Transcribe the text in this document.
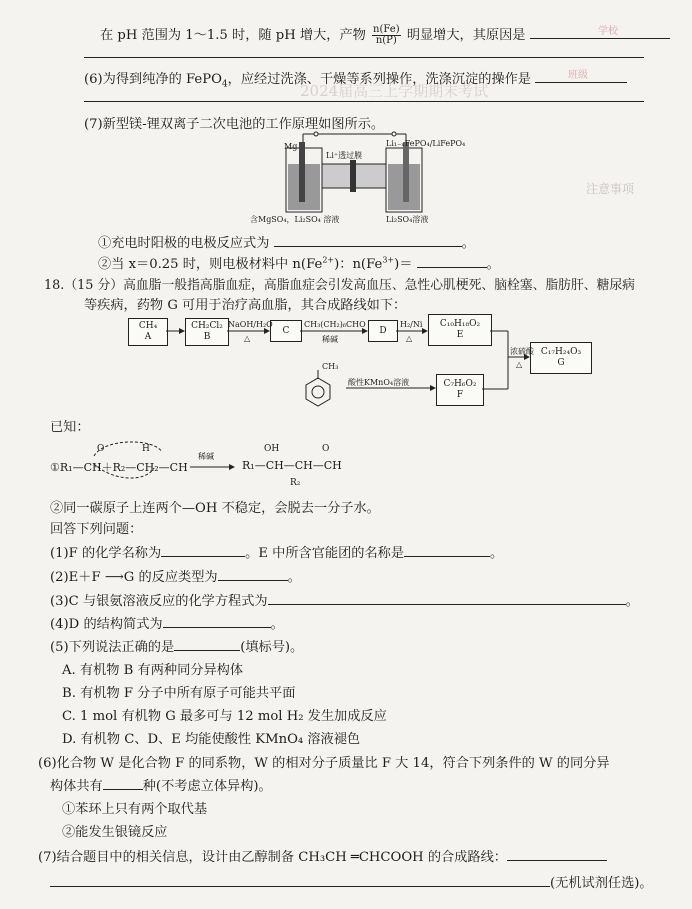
2024届高三上学期期末考试
注意事项
学校
班级
在 pH 范围为 1～1.5 时，随 pH 增大，产物 $\frac{n(Fe)}{n(P)}$ 明显增大，其原因是
(6)为得到纯净的 FePO$_4$，应经过洗涤、干燥等系列操作，洗涤沉淀的操作是
(7)新型镁-锂双离子二次电池的工作原理如图所示。
Mg
Li⁺透过膜
Li₁₋ₓFePO₄/LiFePO₄
含MgSO₄，Li₂SO₄ 溶液	Li₂SO₄溶液
①充电时阳极的电极反应式为	。
②当 x＝0.25 时，则电极材料中 $n(Fe^{2+})$：$n(Fe^{3+})=$	。
18.（15 分）高血脂一般指高脂血症，高脂血症会引发高血压、急性心肌梗死、脑栓塞、脂肪肝、糖尿病
等疾病，药物 G 可用于治疗高血脂，其合成路线如下：
CH₄
A
CH₂Cl₂
B
C	D
C₁₀H₁₈O₂
E
C₇H₆O₂
F
C₁₇H₂₄O₃
G
NaOH/H₂O
△
CH₃(CH₂)₆CHO
稀碱
H₂/Ni
△
浓硫酸
△
酸性KMnO₄溶液
CH₃
已知：
O	H
①R₁—CH＋R₂—CH₂—CH
稀碱
R₁—CH—CH—CH
OH	O
R₂
②同一碳原子上连两个—OH 不稳定，会脱去一分子水。
回答下列问题：
(1)F 的化学名称为	。E 中所含官能团的名称是	。
(2)E＋F ⟶G 的反应类型为	。
(3)C 与银氨溶液反应的化学方程式为	。
(4)D 的结构简式为	。
(5)下列说法正确的是	(填标号)。
A. 有机物 B 有两种同分异构体
B. 有机物 F 分子中所有原子可能共平面
C. 1 mol 有机物 G 最多可与 12 mol H₂ 发生加成反应
D. 有机物 C、D、E 均能使酸性 KMnO₄ 溶液褪色
(6)化合物 W 是化合物 F 的同系物，W 的相对分子质量比 F 大 14，符合下列条件的 W 的同分异
构体共有	种(不考虑立体异构)。
①苯环上只有两个取代基
②能发生银镜反应
(7)结合题目中的相关信息，设计由乙醇制备 CH₃CH ═CHCOOH 的合成路线：
(无机试剂任选)。
